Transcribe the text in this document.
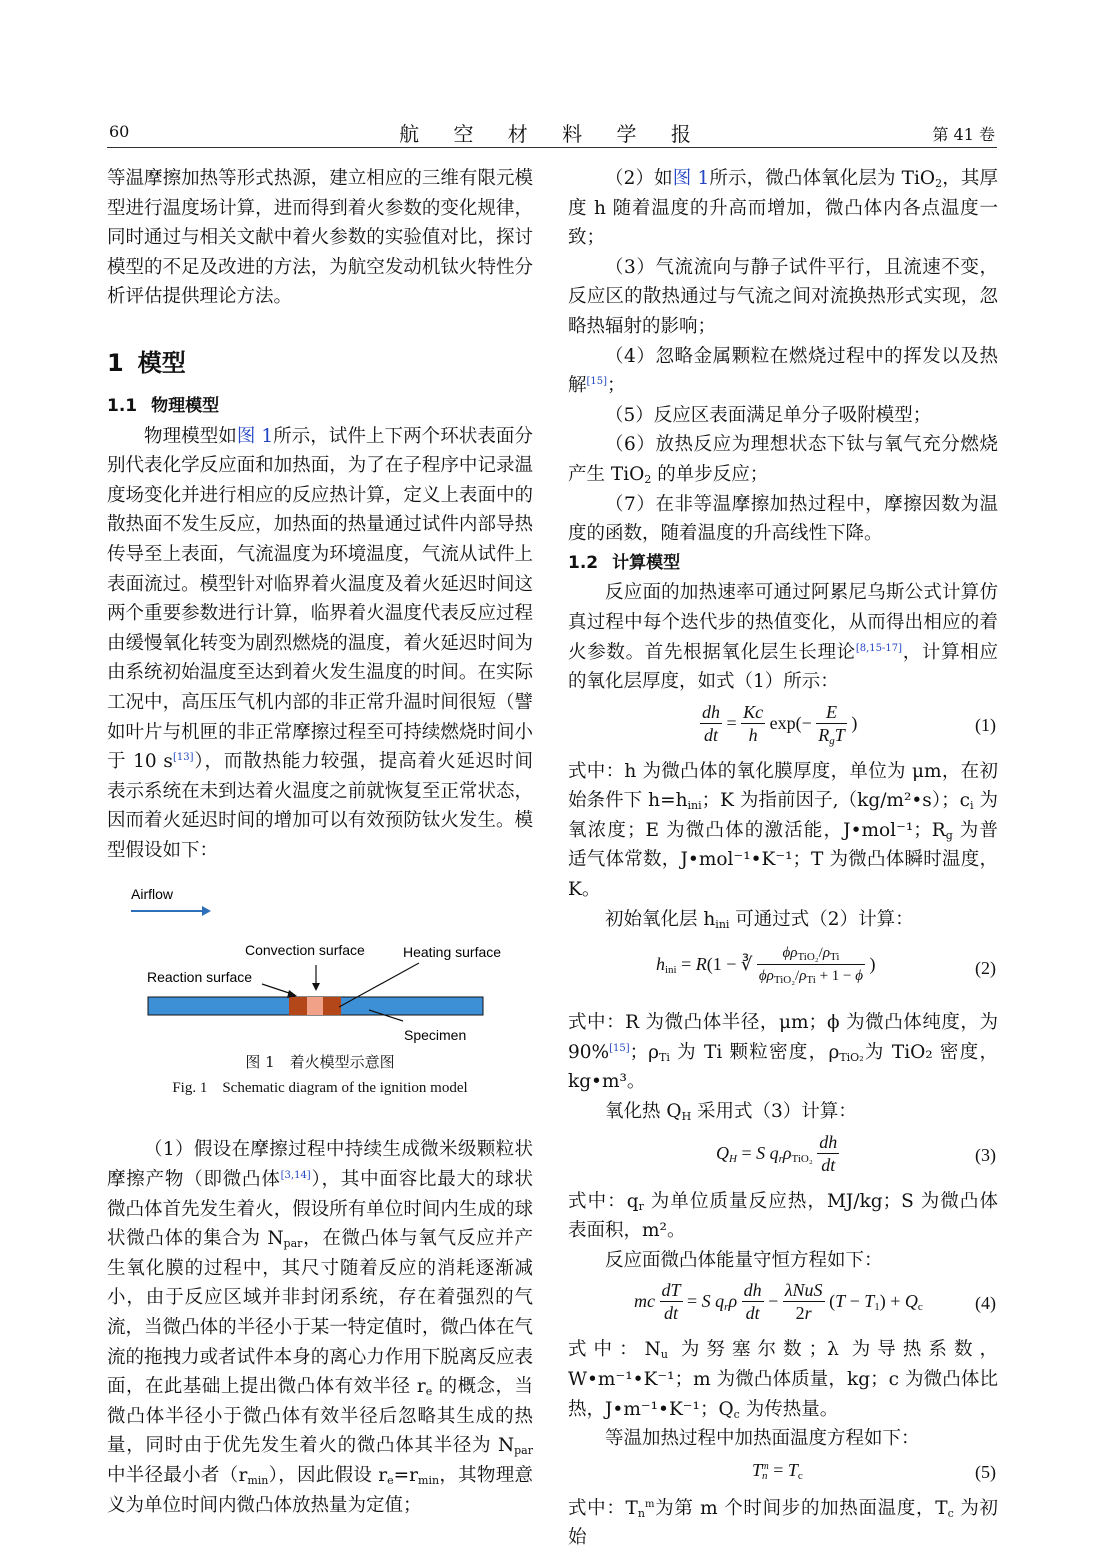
60	航 空 材 料 学 报	第 41 卷

等温摩擦加热等形式热源，建立相应的三维有限元模型进行温度场计算，进而得到着火参数的变化规律，同时通过与相关文献中着火参数的实验值对比，探讨模型的不足及改进的方法，为航空发动机钛火特性分析评估提供理论方法。

1 模型
1.1 物理模型

物理模型如图 1所示，试件上下两个环状表面分别代表化学反应面和加热面，为了在子程序中记录温度场变化并进行相应的反应热计算，定义上表面中的散热面不发生反应，加热面的热量通过试件内部导热传导至上表面，气流温度为环境温度，气流从试件上表面流过。模型针对临界着火温度及着火延迟时间这两个重要参数进行计算，临界着火温度代表反应过程由缓慢氧化转变为剧烈燃烧的温度，着火延迟时间为由系统初始温度至达到着火发生温度的时间。在实际工况中，高压压气机内部的非正常升温时间很短（譬如叶片与机匣的非正常摩擦过程至可持续燃烧时间小于 10 s[13]），而散热能力较强，提高着火延迟时间表示系统在未到达着火温度之前就恢复至正常状态，因而着火延迟时间的增加可以有效预防钛火发生。模型假设如下：

Airflow
Convection surface	Heating surface
Reaction surface
Specimen
图 1　着火模型示意图
Fig. 1　Schematic diagram of the ignition model

（1）假设在摩擦过程中持续生成微米级颗粒状摩擦产物（即微凸体[3,14]），其中面容比最大的球状微凸体首先发生着火，假设所有单位时间内生成的球状微凸体的集合为 $N_{par}$，在微凸体与氧气反应并产生氧化膜的过程中，其尺寸随着反应的消耗逐渐减小，由于反应区域并非封闭系统，存在着强烈的气流，当微凸体的半径小于某一特定值时，微凸体在气流的拖拽力或者试件本身的离心力作用下脱离反应表面，在此基础上提出微凸体有效半径 $r_e$ 的概念，当微凸体半径小于微凸体有效半径后忽略其生成的热量，同时由于优先发生着火的微凸体其半径为 $N_{par}$ 中半径最小者$(r_{min})$，因此假设 $r_e=r_{min}$，其物理意义为单位时间内微凸体放热量为定值；

（2）如图 1所示，微凸体氧化层为 TiO$_2$，其厚度 h 随着温度的升高而增加，微凸体内各点温度一致；

（3）气流流向与静子试件平行，且流速不变，反应区的散热通过与气流之间对流换热形式实现，忽略热辐射的影响；

（4）忽略金属颗粒在燃烧过程中的挥发以及热解[15]；

（5）反应区表面满足单分子吸附模型；

（6）放热反应为理想状态下钛与氧气充分燃烧产生 TiO$_2$ 的单步反应；

（7）在非等温摩擦加热过程中，摩擦因数为温度的函数，随着温度的升高线性下降。

1.2 计算模型

反应面的加热速率可通过阿累尼乌斯公式计算仿真过程中每个迭代步的热值变化，从而得出相应的着火参数。首先根据氧化层生长理论[8,15-17]，计算相应的氧化层厚度，如式（1）所示：

$\frac{dh}{dt} = \frac{Kc}{h} \exp(- \frac{E}{R_gT}$ )	(1)

式中：h 为微凸体的氧化膜厚度，单位为 μm，在初始条件下 $h=h_{ini}$；K 为指前因子,（kg/m²•s）；$c_i$ 为氧浓度；E 为微凸体的激活能，J•mol⁻¹；$R_g$ 为普适气体常数，J•mol⁻¹•K⁻¹；T 为微凸体瞬时温度，K。

初始氧化层 $h_{ini}$ 可通过式（2）计算：

$h_{ini} = R(1$ − ∛ $\frac{\phi\rho_{TiO_2}/\rho_{Ti}}{\phi\rho_{TiO_2}/\rho_{Ti} + 1 - \phi}$ )	(2)

式中：R 为微凸体半径，μm；ϕ 为微凸体纯度，为 90%[15]；$\rho_{Ti}$ 为 Ti 颗粒密度，$\rho_{TiO_2}$为 TiO₂ 密度，kg•m³。

氧化热 $Q_H$ 采用式（3）计算：

$Q_H = S$ $q_r\rho_{TiO_2} \frac{dh}{dt}$	(3)

式中：$q_r$ 为单位质量反应热，MJ/kg；S 为微凸体表面积，m²。

反应面微凸体能量守恒方程如下：

mc $\frac{dT}{dt} = S$ $q_r\rho \frac{dh}{dt} - \frac{\text{λNuS}}{2r} (T - T_1) + Q_c$	(4)

式中：$N_u$ 为努塞尔数；λ 为导热系数，W•m⁻¹•K⁻¹；m 为微凸体质量，kg；c 为微凸体比热，J•m⁻¹•K⁻¹；$Q_c$ 为传热量。

等温加热过程中加热面温度方程如下：

$T_n^m = T_c$	(5)

式中：$T_n^m$为第 m 个时间步的加热面温度，$T_c$ 为初始
